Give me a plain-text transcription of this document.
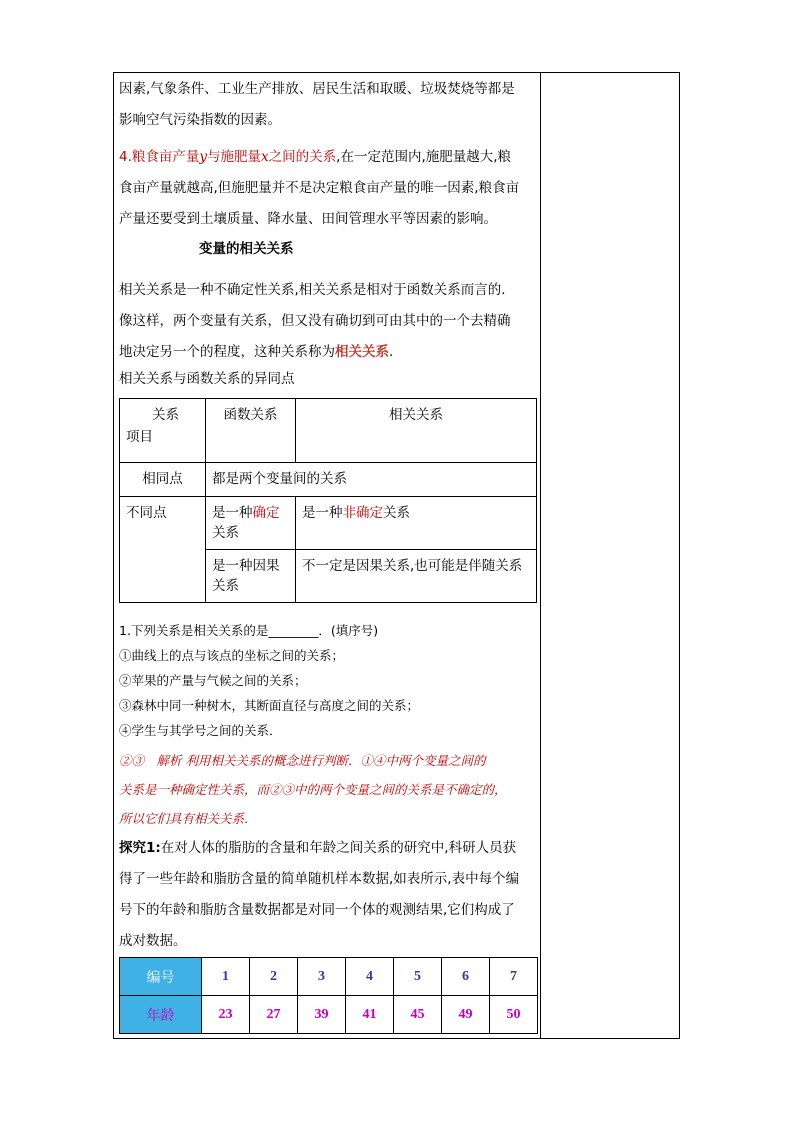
因素,气象条件、工业生产排放、居民生活和取暖、垃圾焚烧等都是

影响空气污染指数的因素。

4.粮食亩产量y与施肥量x之间的关系,在一定范围内,施肥量越大,粮

食亩产量就越高,但施肥量并不是决定粮食亩产量的唯一因素,粮食亩

产量还要受到土壤质量、降水量、田间管理水平等因素的影响。

变量的相关关系

相关关系是一种不确定性关系,相关关系是相对于函数关系而言的.

像这样，两个变量有关系，但又没有确切到可由其中的一个去精确

地决定另一个的程度，这种关系称为相关关系.

相关关系与函数关系的异同点

关系
项目	函数关系	相关关系
相同点	都是两个变量间的关系	
不同点	是一种确定关系	是一种非确定关系
	是一种因果关系	不一定是因果关系,也可能是伴随关系

1.下列关系是相关关系的是________．(填序号)

①曲线上的点与该点的坐标之间的关系；

②苹果的产量与气候之间的关系；

③森林中同一种树木，其断面直径与高度之间的关系；

④学生与其学号之间的关系．

②③　解析 利用相关关系的概念进行判断．①④中两个变量之间的

关系是一种确定性关系，而②③中的两个变量之间的关系是不确定的，

所以它们具有相关关系．

探究1:在对人体的脂肪的含量和年龄之间关系的研究中,科研人员获

得了一些年龄和脂肪含量的简单随机样本数据,如表所示,表中每个编

号下的年龄和脂肪含量数据都是对同一个体的观测结果,它们构成了

成对数据。

编号	1	2	3	4	5	6	7
年龄	23	27	39	41	45	49	50
